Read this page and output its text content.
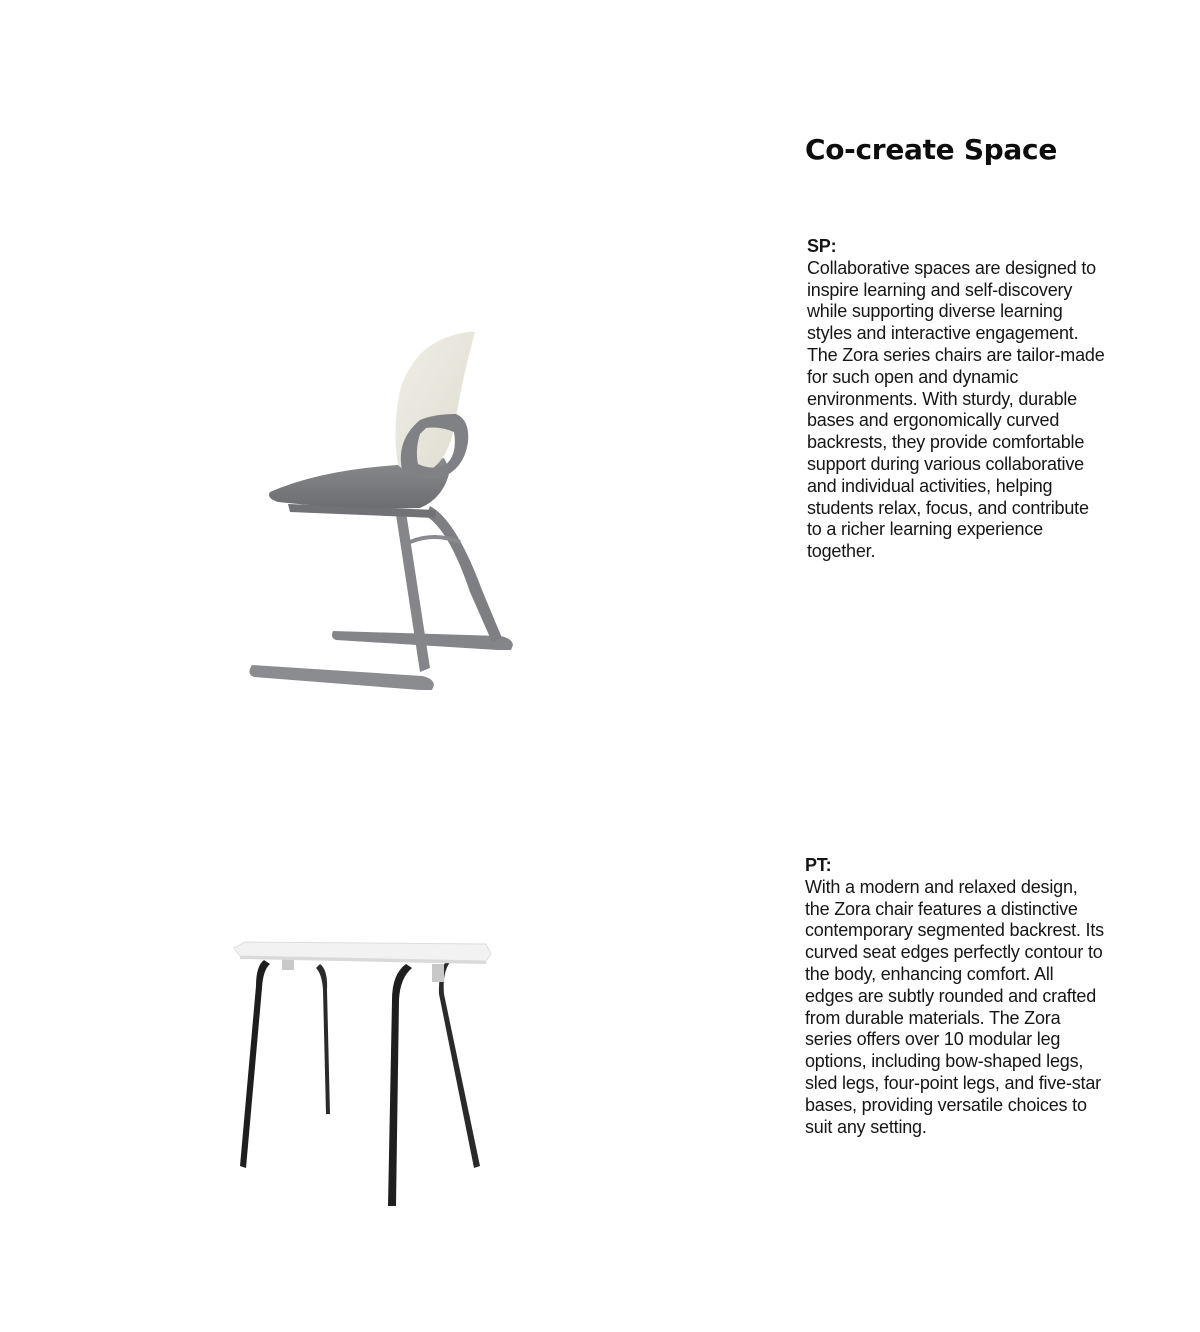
Co-create Space
SP:

Collaborative spaces are designed to inspire learning and self-discovery while supporting diverse learning styles and interactive engagement. The Zora series chairs are tailor-made for such open and dynamic environments. With sturdy, durable bases and ergonomically curved backrests, they provide comfortable support during various collaborative and individual activities, helping students relax, focus, and contribute to a richer learning experience together.

PT:

With a modern and relaxed design, the Zora chair features a distinctive contemporary segmented backrest. Its curved seat edges perfectly contour to the body, enhancing comfort. All edges are subtly rounded and crafted from durable materials. The Zora series offers over 10 modular leg options, including bow-shaped legs, sled legs, four-point legs, and five-star bases, providing versatile choices to suit any setting.
